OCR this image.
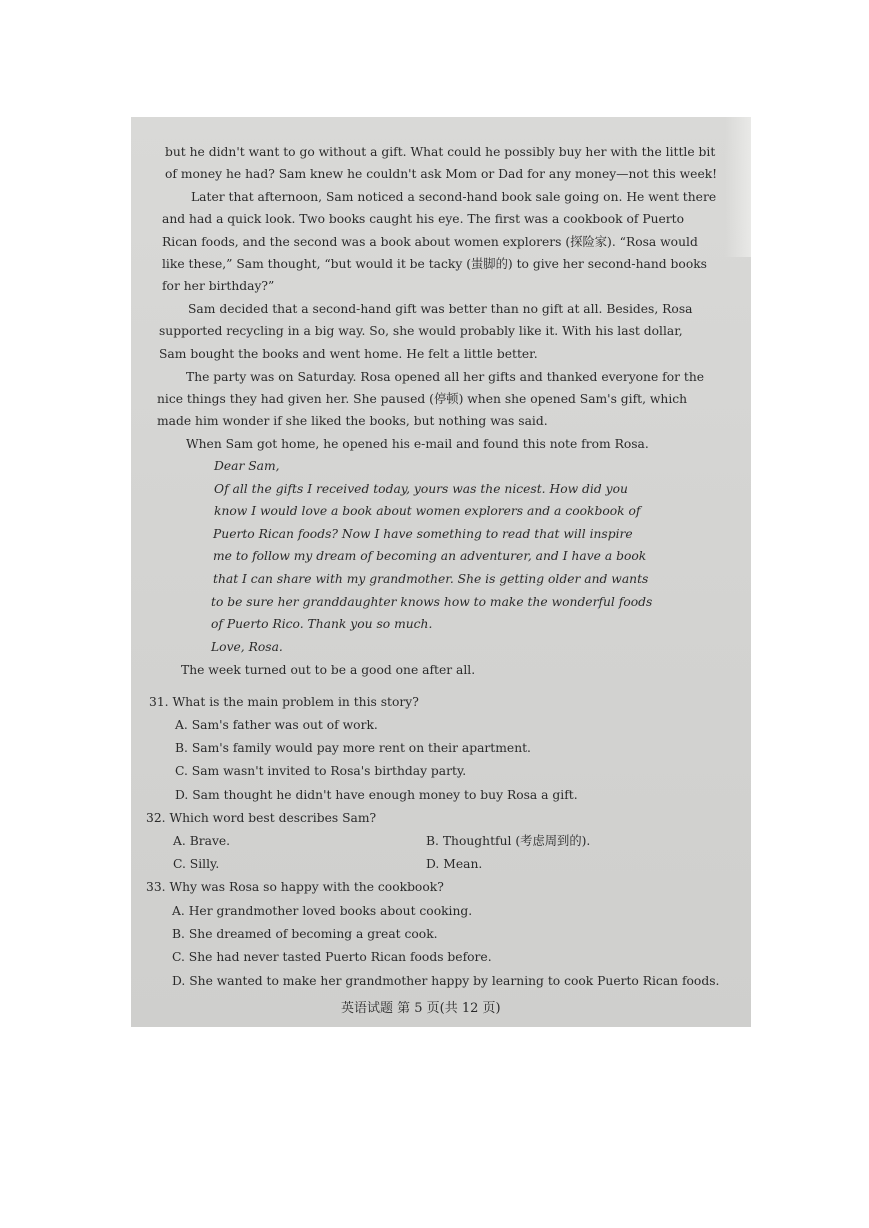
but he didn't want to go without a gift. What could he possibly buy her with the little bit
of money he had? Sam knew he couldn't ask Mom or Dad for any money—not this week!
Later that afternoon, Sam noticed a second-hand book sale going on. He went there
and had a quick look. Two books caught his eye. The first was a cookbook of Puerto
Rican foods, and the second was a book about women explorers (探险家). “Rosa would
like these,” Sam thought, “but would it be tacky (蚩脚的) to give her second-hand books
for her birthday?”
Sam decided that a second-hand gift was better than no gift at all. Besides, Rosa
supported recycling in a big way. So, she would probably like it. With his last dollar,
Sam bought the books and went home. He felt a little better.
The party was on Saturday. Rosa opened all her gifts and thanked everyone for the
nice things they had given her. She paused (停顿) when she opened Sam's gift, which
made him wonder if she liked the books, but nothing was said.
When Sam got home, he opened his e-mail and found this note from Rosa.
Dear Sam,
Of all the gifts I received today, yours was the nicest. How did you
know I would love a book about women explorers and a cookbook of
Puerto Rican foods? Now I have something to read that will inspire
me to follow my dream of becoming an adventurer, and I have a book
that I can share with my grandmother. She is getting older and wants
to be sure her granddaughter knows how to make the wonderful foods
of Puerto Rico. Thank you so much.
Love, Rosa.
The week turned out to be a good one after all.
31. What is the main problem in this story?
A. Sam's father was out of work.
B. Sam's family would pay more rent on their apartment.
C. Sam wasn't invited to Rosa's birthday party.
D. Sam thought he didn't have enough money to buy Rosa a gift.
32. Which word best describes Sam?
A. Brave.	B. Thoughtful (考虑周到的).
C. Silly.	D. Mean.
33. Why was Rosa so happy with the cookbook?
A. Her grandmother loved books about cooking.
B. She dreamed of becoming a great cook.
C. She had never tasted Puerto Rican foods before.
D. She wanted to make her grandmother happy by learning to cook Puerto Rican foods.
英语试题 第 5 页(共 12 页)
